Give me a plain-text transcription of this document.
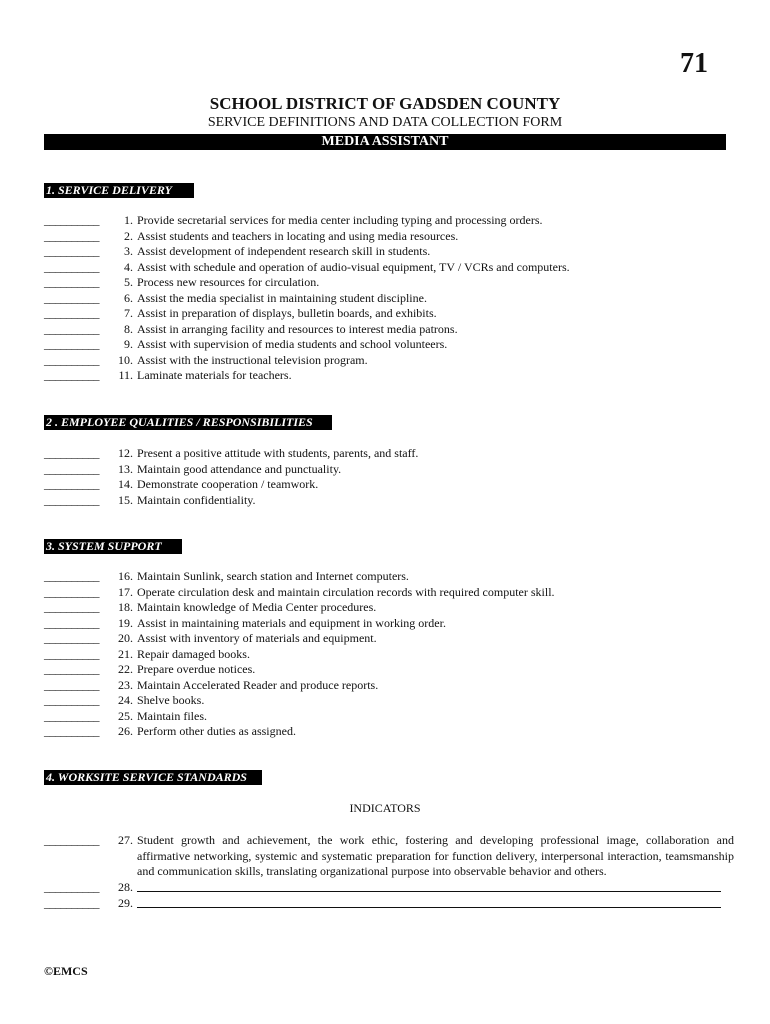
71
SCHOOL DISTRICT OF GADSDEN COUNTY
SERVICE DEFINITIONS AND DATA COLLECTION FORM
MEDIA ASSISTANT
1. SERVICE DELIVERY
__________	1. Provide secretarial services for media center including typing and processing orders.
__________	2. Assist students and teachers in locating and using media resources.
__________	3. Assist development of independent research skill in students.
__________	4. Assist with schedule and operation of audio-visual equipment, TV / VCRs and computers.
__________	5. Process new resources for circulation.
__________	6. Assist the media specialist in maintaining student discipline.
__________	7. Assist in preparation of displays, bulletin boards, and exhibits.
__________	8. Assist in arranging facility and resources to interest media patrons.
__________	9. Assist with supervision of media students and school volunteers.
__________	10. Assist with the instructional television program.
__________	11. Laminate materials for teachers.
2 . EMPLOYEE QUALITIES / RESPONSIBILITIES
__________	12. Present a positive attitude with students, parents, and staff.
__________	13. Maintain good attendance and punctuality.
__________	14. Demonstrate cooperation / teamwork.
__________	15. Maintain confidentiality.
3. SYSTEM SUPPORT
__________	16. Maintain Sunlink, search station and Internet computers.
__________	17. Operate circulation desk and maintain circulation records with required computer skill.
__________	18. Maintain knowledge of Media Center procedures.
__________	19. Assist in maintaining materials and equipment in working order.
__________	20. Assist with inventory of materials and equipment.
__________	21. Repair damaged books.
__________	22. Prepare overdue notices.
__________	23. Maintain Accelerated Reader and produce reports.
__________	24. Shelve books.
__________	25. Maintain files.
__________	26. Perform other duties as assigned.
4. WORKSITE SERVICE STANDARDS
INDICATORS
__________	27. Student growth and achievement, the work ethic, fostering and developing professional image, collaboration and affirmative networking, systemic and systematic preparation for function delivery, interpersonal interaction, teamsmanship and communication skills, translating organizational purpose into observable behavior and others.
__________	28.
__________	29.
©EMCS
